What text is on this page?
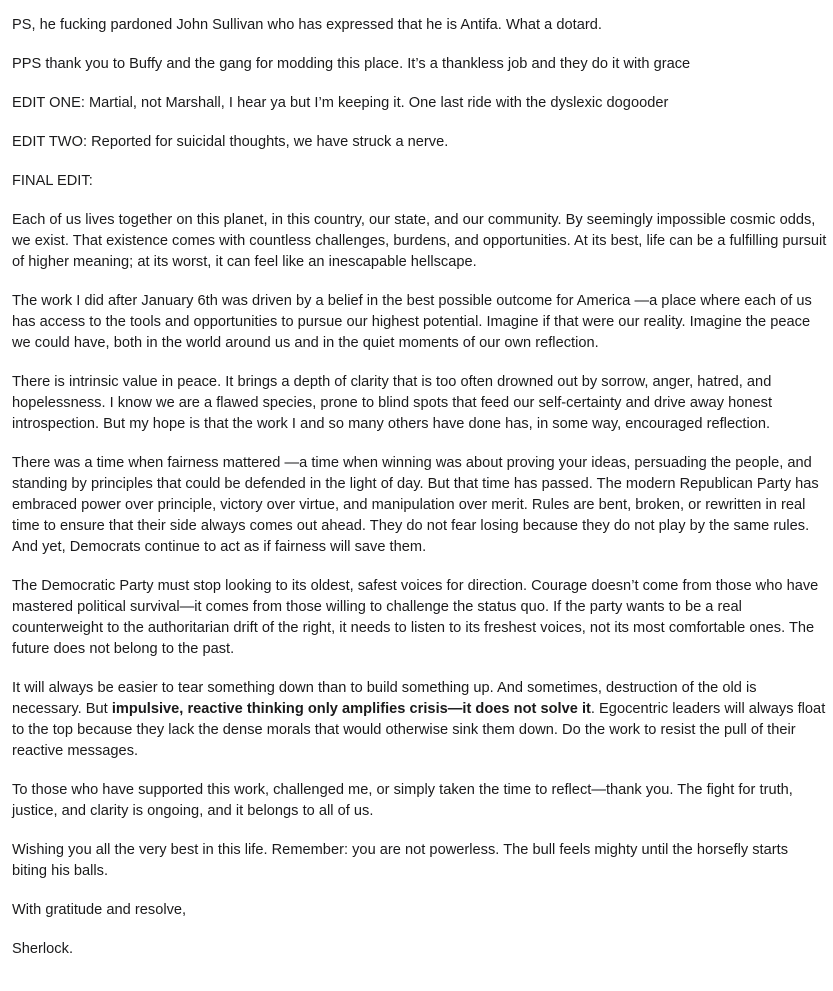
PS, he fucking pardoned John Sullivan who has expressed that he is Antifa. What a dotard.

PPS thank you to Buffy and the gang for modding this place. It’s a thankless job and they do it with grace

EDIT ONE: Martial, not Marshall, I hear ya but I’m keeping it. One last ride with the dyslexic dogooder

EDIT TWO: Reported for suicidal thoughts, we have struck a nerve.

FINAL EDIT:

Each of us lives together on this planet, in this country, our state, and our community. By seemingly impossible cosmic odds, we exist. That existence comes with countless challenges, burdens, and opportunities. At its best, life can be a fulfilling pursuit of higher meaning; at its worst, it can feel like an inescapable hellscape.

The work I did after January 6th was driven by a belief in the best possible outcome for America —a place where each of us has access to the tools and opportunities to pursue our highest potential. Imagine if that were our reality. Imagine the peace we could have, both in the world around us and in the quiet moments of our own reflection.

There is intrinsic value in peace. It brings a depth of clarity that is too often drowned out by sorrow, anger, hatred, and hopelessness. I know we are a flawed species, prone to blind spots that feed our self-certainty and drive away honest introspection. But my hope is that the work I and so many others have done has, in some way, encouraged reflection.

There was a time when fairness mattered —a time when winning was about proving your ideas, persuading the people, and standing by principles that could be defended in the light of day. But that time has passed. The modern Republican Party has embraced power over principle, victory over virtue, and manipulation over merit. Rules are bent, broken, or rewritten in real time to ensure that their side always comes out ahead. They do not fear losing because they do not play by the same rules. And yet, Democrats continue to act as if fairness will save them.

The Democratic Party must stop looking to its oldest, safest voices for direction. Courage doesn’t come from those who have mastered political survival—it comes from those willing to challenge the status quo. If the party wants to be a real counterweight to the authoritarian drift of the right, it needs to listen to its freshest voices, not its most comfortable ones. The future does not belong to the past.

It will always be easier to tear something down than to build something up. And sometimes, destruction of the old is necessary. But impulsive, reactive thinking only amplifies crisis—it does not solve it. Egocentric leaders will always float to the top because they lack the dense morals that would otherwise sink them down. Do the work to resist the pull of their reactive messages.

To those who have supported this work, challenged me, or simply taken the time to reflect—thank you. The fight for truth, justice, and clarity is ongoing, and it belongs to all of us.

Wishing you all the very best in this life. Remember: you are not powerless. The bull feels mighty until the horsefly starts biting his balls.

With gratitude and resolve,

Sherlock.
